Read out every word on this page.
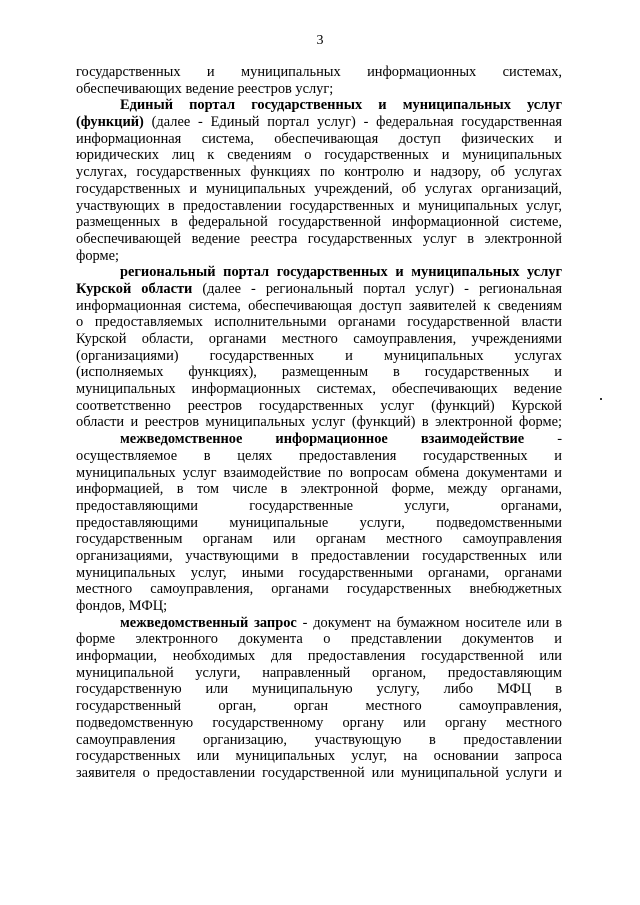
3
государственных и муниципальных информационных системах,
обеспечивающих ведение реестров услуг;
Единый портал государственных и муниципальных услуг
(функций) (далее - Единый портал услуг) - федеральная государственная
информационная система, обеспечивающая доступ физических и
юридических лиц к сведениям о государственных и муниципальных
услугах, государственных функциях по контролю и надзору, об услугах
государственных и муниципальных учреждений, об услугах организаций,
участвующих в предоставлении государственных и муниципальных услуг,
размещенных в федеральной государственной информационной системе,
обеспечивающей ведение реестра государственных услуг в электронной
форме;
региональный портал государственных и муниципальных услуг
Курской области (далее - региональный портал услуг) - региональная
информационная система, обеспечивающая доступ заявителей к сведениям
о предоставляемых исполнительными органами государственной власти
Курской области, органами местного самоуправления, учреждениями
(организациями) государственных и муниципальных услугах
(исполняемых функциях), размещенным в государственных и
муниципальных информационных системах, обеспечивающих ведение
соответственно реестров государственных услуг (функций) Курской
области и реестров муниципальных услуг (функций) в электронной форме;
межведомственное информационное взаимодействие -
осуществляемое в целях предоставления государственных и
муниципальных услуг взаимодействие по вопросам обмена документами и
информацией, в том числе в электронной форме, между органами,
предоставляющими государственные услуги, органами,
предоставляющими муниципальные услуги, подведомственными
государственным органам или органам местного самоуправления
организациями, участвующими в предоставлении государственных или
муниципальных услуг, иными государственными органами, органами
местного самоуправления, органами государственных внебюджетных
фондов, МФЦ;
межведомственный запрос - документ на бумажном носителе или в
форме электронного документа о представлении документов и
информации, необходимых для предоставления государственной или
муниципальной услуги, направленный органом, предоставляющим
государственную или муниципальную услугу, либо МФЦ в
государственный орган, орган местного самоуправления,
подведомственную государственному органу или органу местного
самоуправления организацию, участвующую в предоставлении
государственных или муниципальных услуг, на основании запроса
заявителя о предоставлении государственной или муниципальной услуги и
